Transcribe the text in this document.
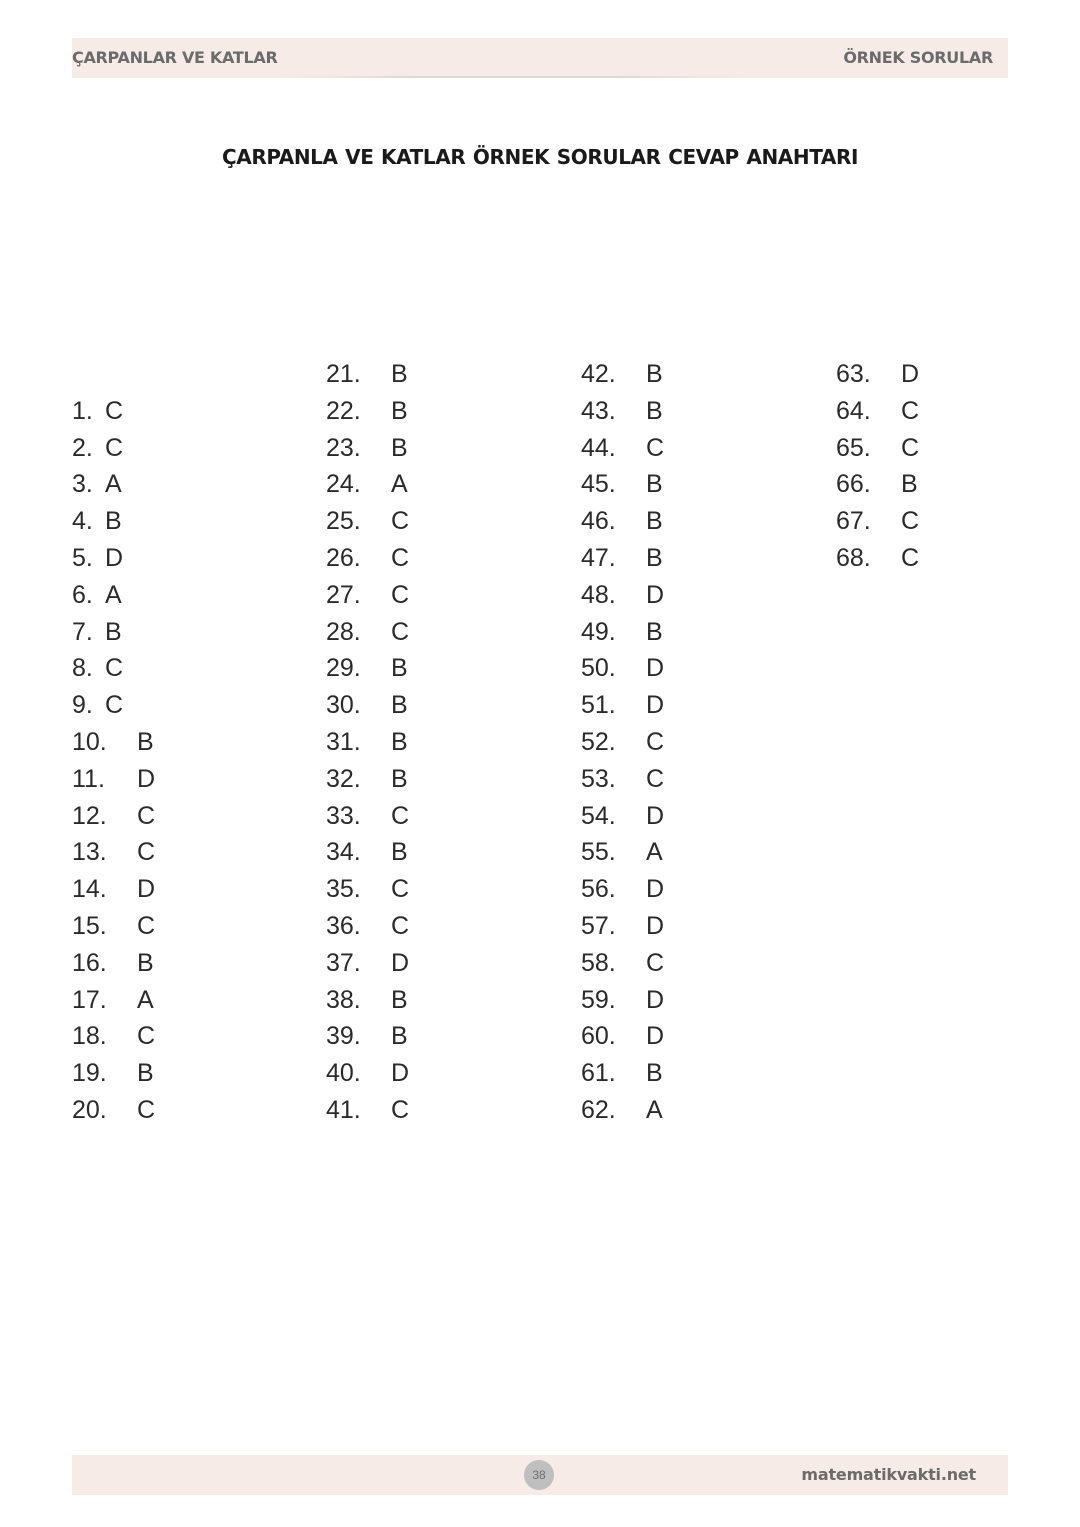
ÇARPANLAR VE KATLAR	ÖRNEK SORULAR
ÇARPANLA VE KATLAR ÖRNEK SORULAR CEVAP ANAHTARI
1. C
2. C
3. A
4. B
5. D
6. A
7. B
8. C
9. C
10. B
11. D
12. C
13. C
14. D
15. C
16. B
17. A
18. C
19. B
20. C
21. B
22. B
23. B
24. A
25. C
26. C
27. C
28. C
29. B
30. B
31. B
32. B
33. C
34. B
35. C
36. C
37. D
38. B
39. B
40. D
41. C
42. B
43. B
44. C
45. B
46. B
47. B
48. D
49. B
50. D
51. D
52. C
53. C
54. D
55. A
56. D
57. D
58. C
59. D
60. D
61. B
62. A
63. D
64. C
65. C
66. B
67. C
68. C
38	matematikvakti.net
